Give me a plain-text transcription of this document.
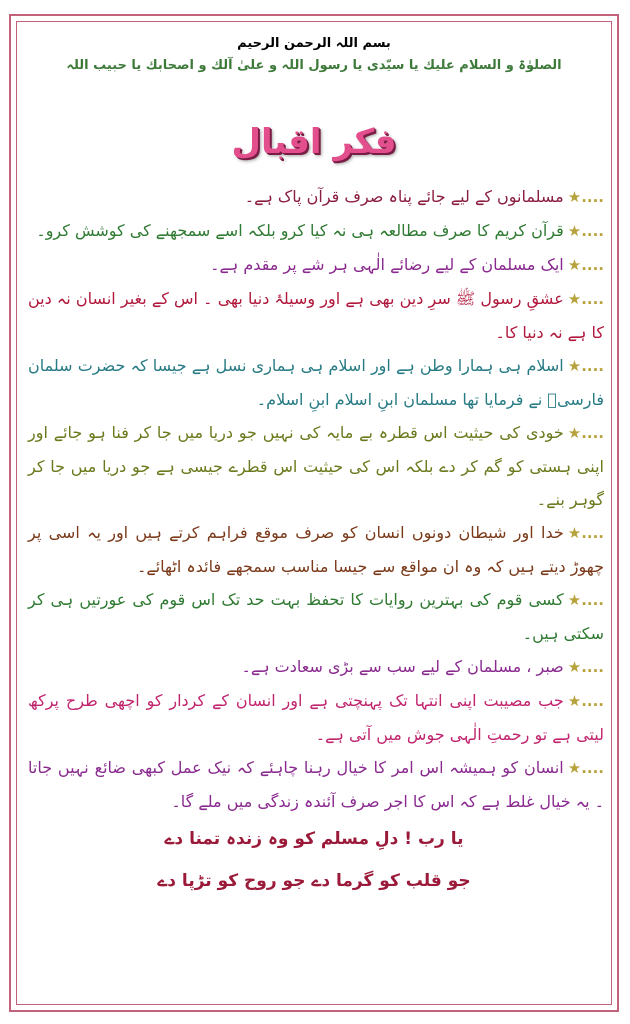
بسم اللہ الرحمن الرحیم
الصلوٰۃ و السلام علیك یا سیّدی یا رسول اللہ و علیٰ آلك و اصحابك یا حبیب اللہ
فکر اقبال
★....مسلمانوں کے لیے جائے پناہ صرف قرآن پاک ہے۔
★....قرآن کریم کا صرف مطالعہ ہی نہ کیا کرو بلکہ اسے سمجھنے کی کوشش کرو۔
★....ایک مسلمان کے لیے رضائے الٰہی ہر شے پر مقدم ہے۔
★....عشقِ رسول ﷺ سرِ دین بھی ہے اور وسیلۂ دنیا بھی ۔ اس کے بغیر انسان نہ دین کا ہے نہ دنیا کا۔
★....اسلام ہی ہمارا وطن ہے اور اسلام ہی ہماری نسل ہے جیسا کہ حضرت سلمان فارسیؓ نے فرمایا تھا مسلمان ابنِ اسلام ابنِ اسلام۔
★....خودی کی حیثیت اس قطرہ بے مایہ کی نہیں جو دریا میں جا کر فنا ہو جائے اور اپنی ہستی کو گم کر دے بلکہ اس کی حیثیت اس قطرے جیسی ہے جو دریا میں جا کر گوہر بنے۔
★....خدا اور شیطان دونوں انسان کو صرف موقع فراہم کرتے ہیں اور یہ اسی پر چھوڑ دیتے ہیں کہ وہ ان مواقع سے جیسا مناسب سمجھے فائدہ اٹھائے۔
★....کسی قوم کی بہترین روایات کا تحفظ بہت حد تک اس قوم کی عورتیں ہی کر سکتی ہیں۔
★....صبر ، مسلمان کے لیے سب سے بڑی سعادت ہے۔
★....جب مصیبت اپنی انتہا تک پہنچتی ہے اور انسان کے کردار کو اچھی طرح پرکھ لیتی ہے تو رحمتِ الٰہی جوش میں آتی ہے۔
★....انسان کو ہمیشہ اس امر کا خیال رہنا چاہئے کہ نیک عمل کبھی ضائع نہیں جاتا ۔ یہ خیال غلط ہے کہ اس کا اجر صرف آئندہ زندگی میں ملے گا۔
یا رب ! دلِ مسلم کو وہ زندہ تمنا دے
جو قلب کو گرما دے جو روح کو تڑپا دے
